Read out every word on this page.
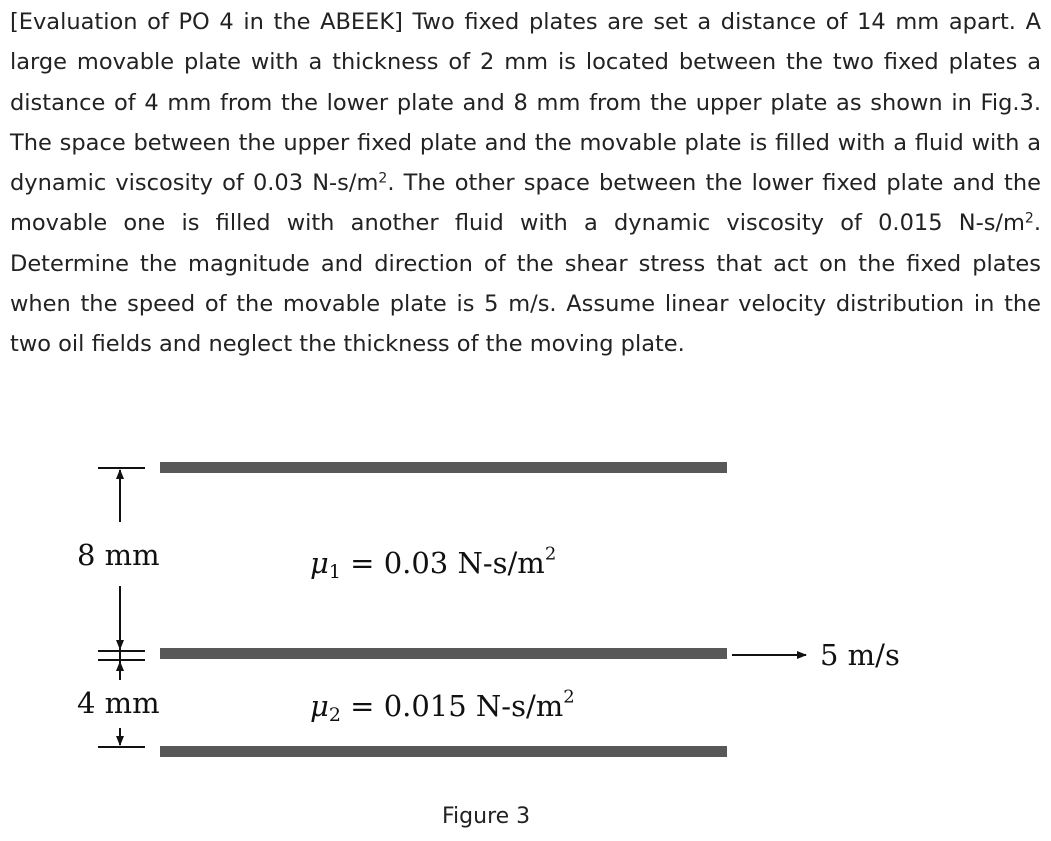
[Evaluation of PO 4 in the ABEEK] Two fixed plates are set a distance of 14 mm apart. A large movable plate with a thickness of 2 mm is located between the two fixed plates a distance of 4 mm from the lower plate and 8 mm from the upper plate as shown in Fig.3. The space between the upper fixed plate and the movable plate is filled with a fluid with a dynamic viscosity of 0.03 $N-s/m^2$. The other space between the lower fixed plate and the movable one is filled with another fluid with a dynamic viscosity of 0.015 $N-s/m^2$. Determine the magnitude and direction of the shear stress that act on the fixed plates when the speed of the movable plate is 5 m/s. Assume linear velocity distribution in the two oil fields and neglect the thickness of the moving plate.

8 mm
4 mm
$\mu_1 = 0.03$ $N-s/m^2$
$\mu_2 = 0.015$ $N-s/m^2$
5 m/s
Figure 3
